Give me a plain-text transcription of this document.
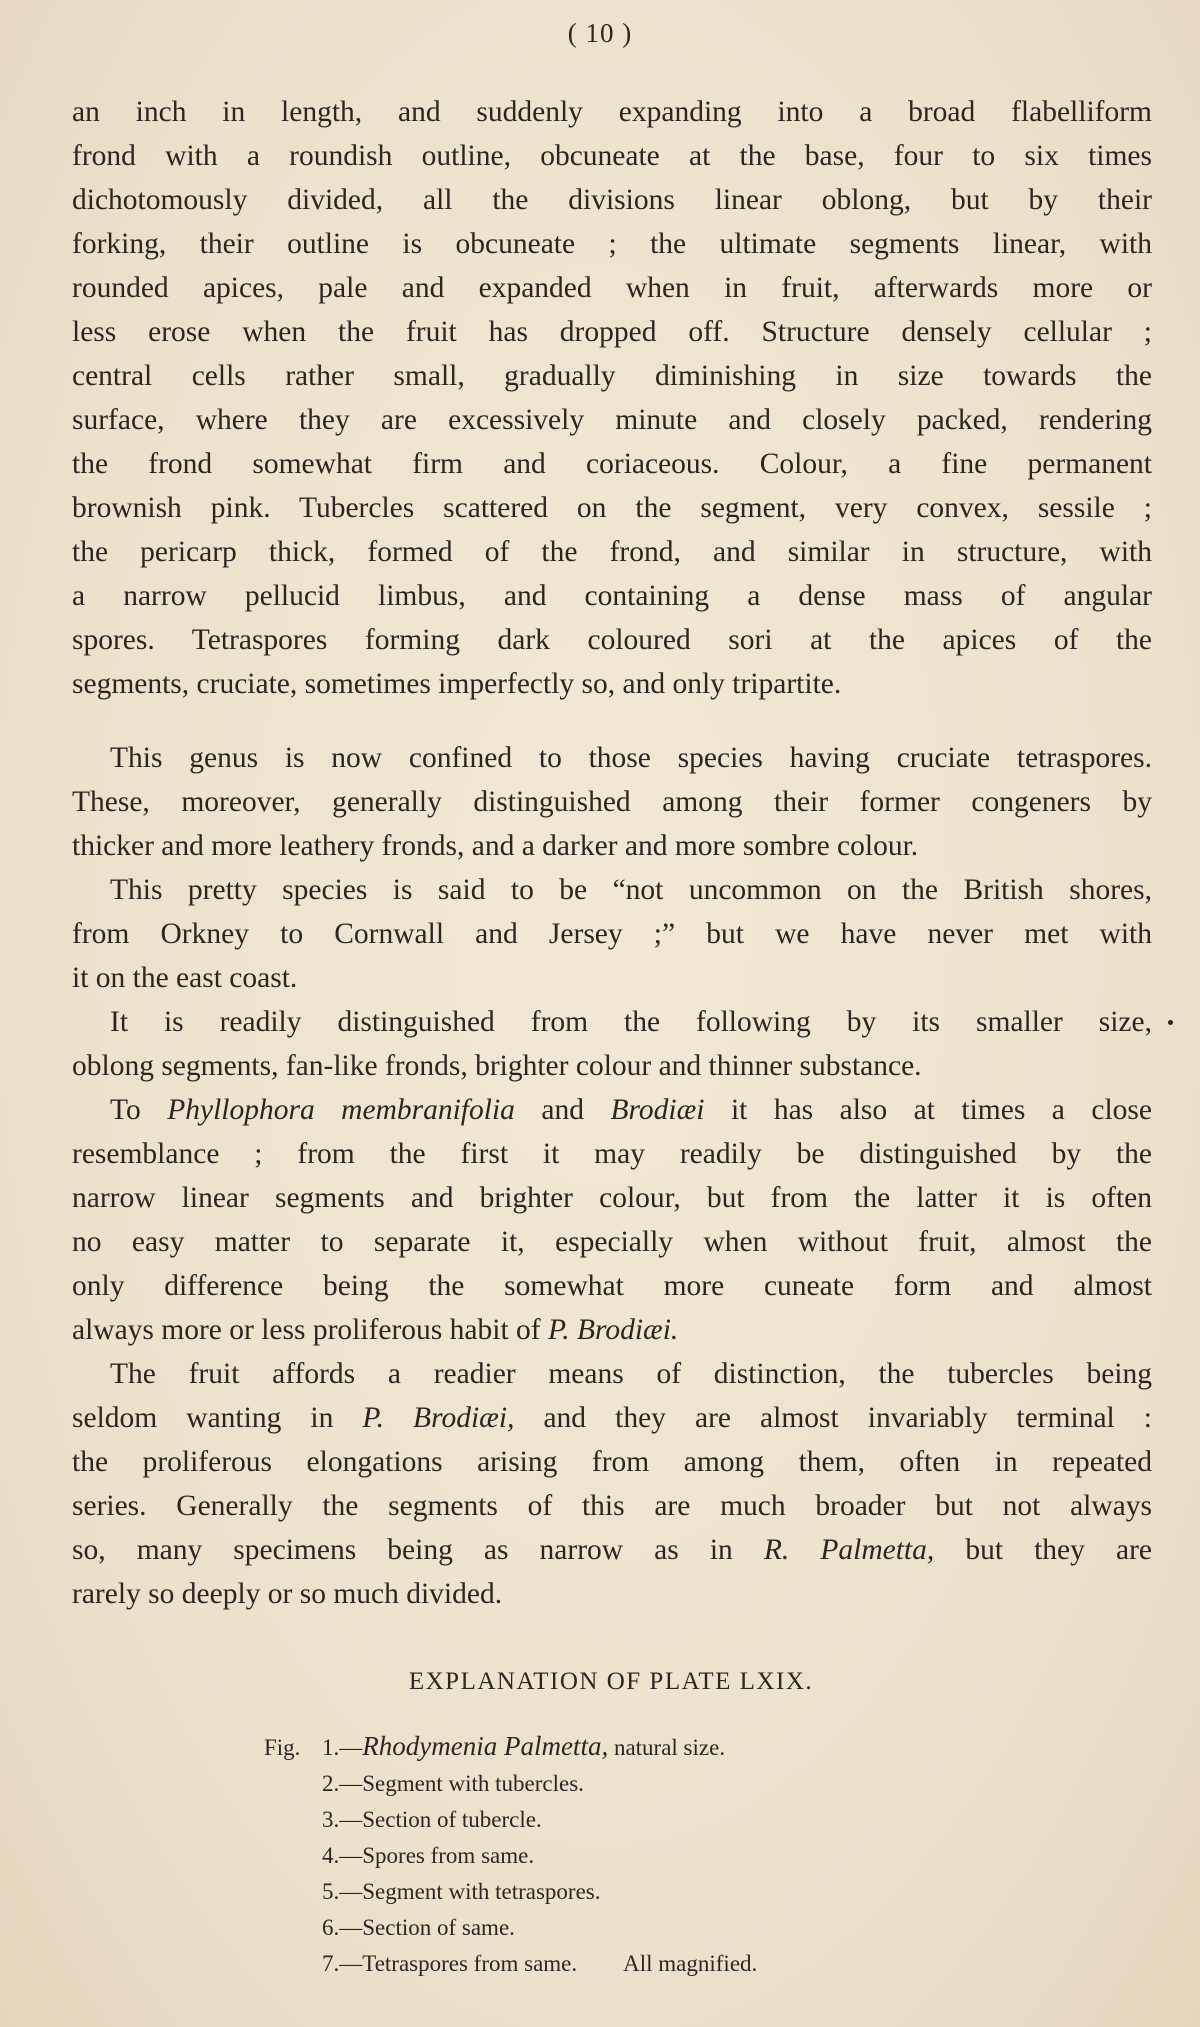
( 10 )

an inch in length, and suddenly expanding into a broad flabelliform

frond with a roundish outline, obcuneate at the base, four to six times

dichotomously divided, all the divisions linear oblong, but by their

forking, their outline is obcuneate ; the ultimate segments linear, with

rounded apices, pale and expanded when in fruit, afterwards more or

less erose when the fruit has dropped off. Structure densely cellular ;

central cells rather small, gradually diminishing in size towards the

surface, where they are excessively minute and closely packed, rendering

the frond somewhat firm and coriaceous. Colour, a fine permanent

brownish pink. Tubercles scattered on the segment, very convex, sessile ;

the pericarp thick, formed of the frond, and similar in structure, with

a narrow pellucid limbus, and containing a dense mass of angular

spores. Tetraspores forming dark coloured sori at the apices of the

segments, cruciate, sometimes imperfectly so, and only tripartite.

This genus is now confined to those species having cruciate tetraspores.

These, moreover, generally distinguished among their former congeners by

thicker and more leathery fronds, and a darker and more sombre colour.

This pretty species is said to be “not uncommon on the British shores,

from Orkney to Cornwall and Jersey ;” but we have never met with

it on the east coast.

It is readily distinguished from the following by its smaller size,

oblong segments, fan-like fronds, brighter colour and thinner substance.

To Phyllophora membranifolia and Brodiæi it has also at times a close

resemblance ; from the first it may readily be distinguished by the

narrow linear segments and brighter colour, but from the latter it is often

no easy matter to separate it, especially when without fruit, almost the

only difference being the somewhat more cuneate form and almost

always more or less proliferous habit of P. Brodiæi.

The fruit affords a readier means of distinction, the tubercles being

seldom wanting in P. Brodiæi, and they are almost invariably terminal :

the proliferous elongations arising from among them, often in repeated

series. Generally the segments of this are much broader but not always

so, many specimens being as narrow as in R. Palmetta, but they are

rarely so deeply or so much divided.

EXPLANATION OF PLATE LXIX.
Fig. 1.—Rhodymenia Palmetta, natural size.
2.—Segment with tubercles.
3.—Section of tubercle.
4.—Spores from same.
5.—Segment with tetraspores.
6.—Section of same.
7.—Tetraspores from same.  All magnified.
